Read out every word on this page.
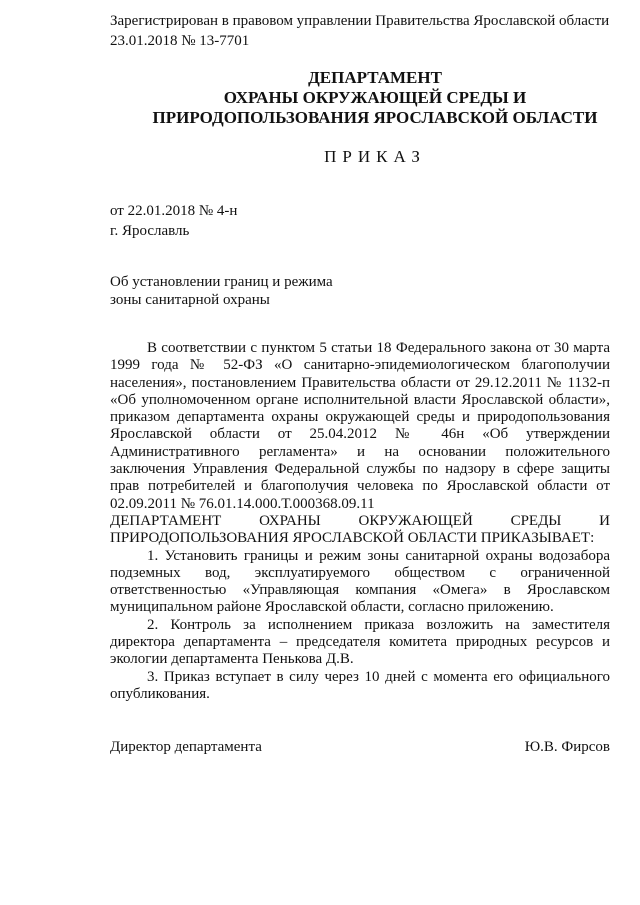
Зарегистрирован в правовом управлении Правительства Ярославской области
23.01.2018 № 13-7701
ДЕПАРТАМЕНТ
ОХРАНЫ ОКРУЖАЮЩЕЙ СРЕДЫ И
ПРИРОДОПОЛЬЗОВАНИЯ ЯРОСЛАВСКОЙ ОБЛАСТИ
ПРИКАЗ
от 22.01.2018 № 4-н
г. Ярославль
Об установлении границ и режима
зоны санитарной охраны

В соответствии с пунктом 5 статьи 18 Федерального закона от 30 марта 1999 года № 52-ФЗ «О санитарно-эпидемиологическом благополучии населения», постановлением Правительства области от 29.12.2011 № 1132-п «Об уполномоченном органе исполнительной власти Ярославской области», приказом департамента охраны окружающей среды и природопользования Ярославской области от 25.04.2012 № 46н «Об утверждении Административного регламента» и на основании положительного заключения Управления Федеральной службы по надзору в сфере защиты прав потребителей и благополучия человека по Ярославской области от 02.09.2011 № 76.01.14.000.Т.000368.09.11

ДЕПАРТАМЕНТ ОХРАНЫ ОКРУЖАЮЩЕЙ СРЕДЫ И

ПРИРОДОПОЛЬЗОВАНИЯ ЯРОСЛАВСКОЙ ОБЛАСТИ ПРИКАЗЫВАЕТ:

1. Установить границы и режим зоны санитарной охраны водозабора подземных вод, эксплуатируемого обществом с ограниченной ответственностью «Управляющая компания «Омега» в Ярославском муниципальном районе Ярославской области, согласно приложению.

2. Контроль за исполнением приказа возложить на заместителя директора департамента – председателя комитета природных ресурсов и экологии департамента Пенькова Д.В.

3. Приказ вступает в силу через 10 дней с момента его официального опубликования.

Директор департамента	Ю.В. Фирсов
